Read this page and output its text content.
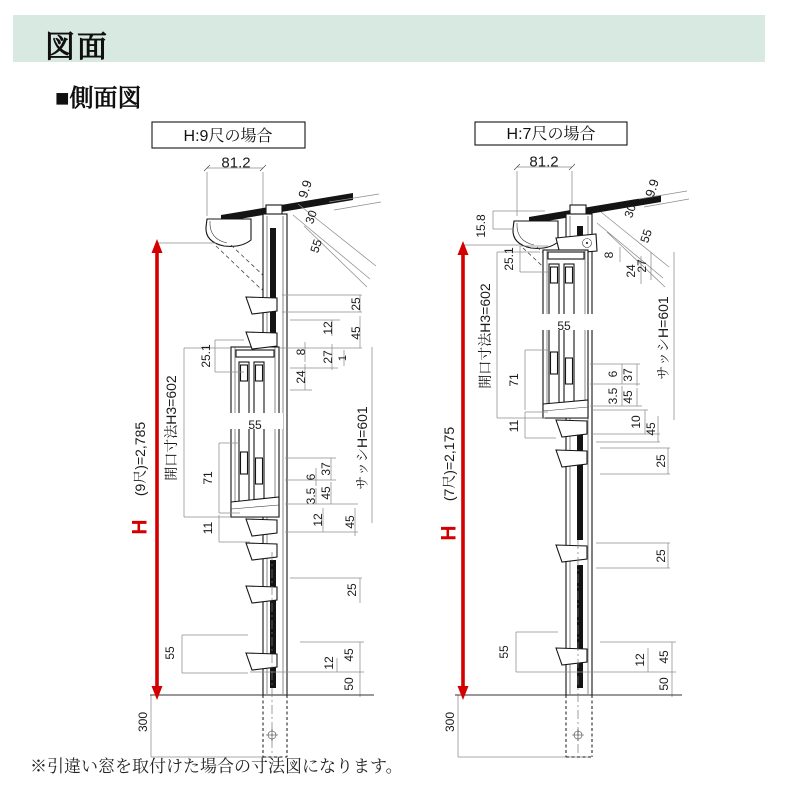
図面
■側面図
H:9尺の場合
81.2
9.9
30
55
25
45
12
27
8
24
1
25.1
55
71
11
開口寸法H3=602	サッシH=601
37
45
6
3.5
12 45
25
12
45
50
55
300
H
(9尺)=2,785
H:7尺の場合
81.2
9.9
30
55
15.8
25.1	8
24
27
55
71
11
開口寸法H3=602	サッシH=601
6
3.5
37
45
10
45
25
25
12 45
50
55
300
H
(7尺)=2,175
※引違い窓を取付けた場合の寸法図になります。
